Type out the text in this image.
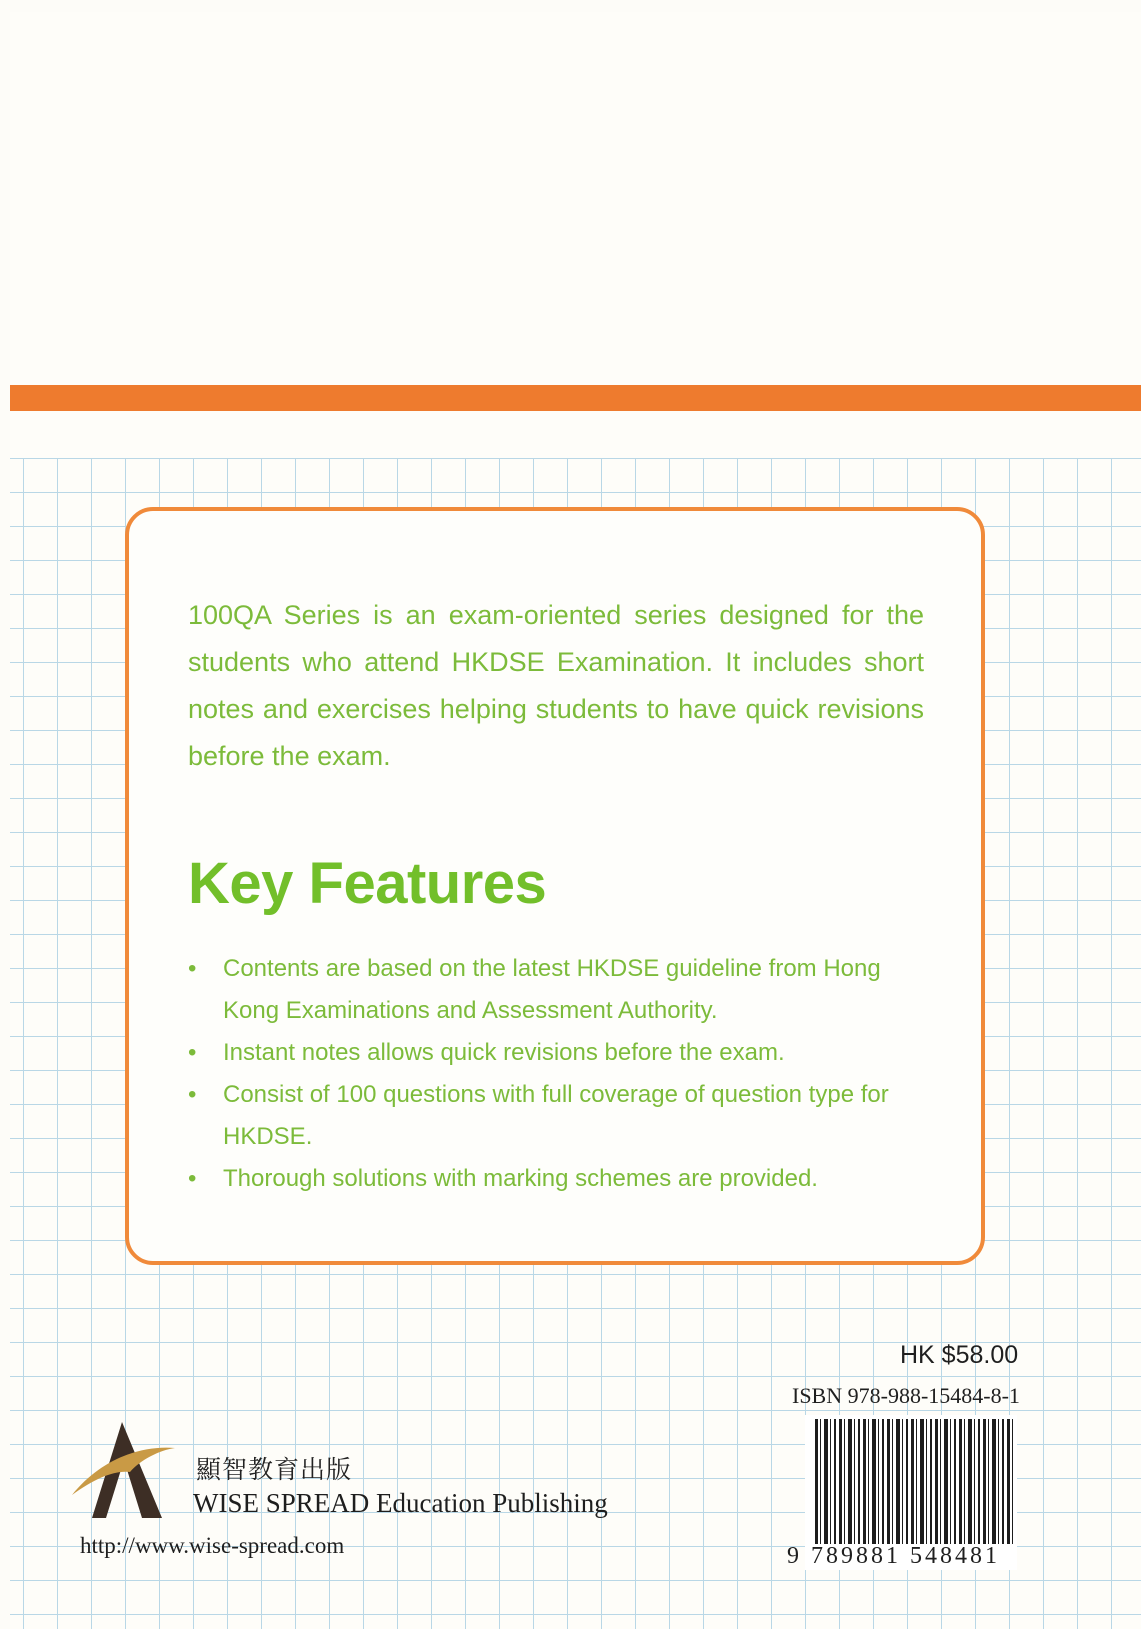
100QA Series is an exam-oriented series designed for the students who attend HKDSE Examination. It includes short notes and exercises helping students to have quick revisions before the exam.

Key Features
• Contents are based on the latest HKDSE guideline from Hong Kong Examinations and Assessment Authority.
• Instant notes allows quick revisions before the exam.
• Consist of 100 questions with full coverage of question type for HKDSE.
• Thorough solutions with marking schemes are provided.
HK $58.00
ISBN 978-988-15484-8-1
9 789881 548481
顯智教育出版
WISE SPREAD Education Publishing
http://www.wise-spread.com
